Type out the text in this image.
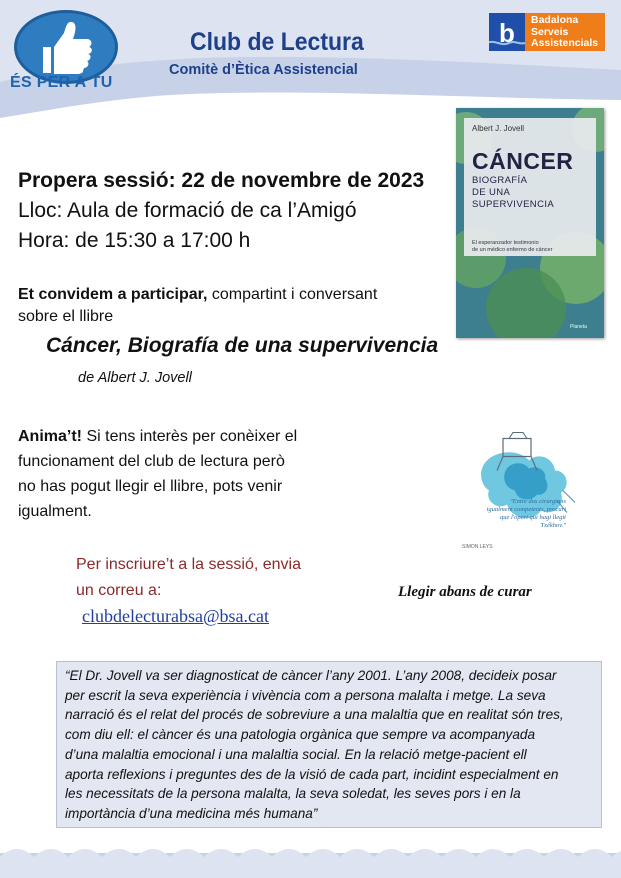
ÉS PER A TU
Club de Lectura
Comitè d’Ètica Assistencial
b Badalona
Serveis
Assistencials
Propera sessió: 22 de novembre de 2023
Lloc: Aula de formació de ca l’Amigó
Hora: de 15:30 a 17:00 h
Et convidem a participar, compartint i conversant
sobre el llibre
Cáncer, Biografía de una supervivencia
de Albert J. Jovell
Anima’t! Si tens interès per conèixer el
funcionament del club de lectura però
no has pogut llegir el llibre, pots venir
igualment.
Per inscriure’t a la sessió, envia
un correu a:
clubdelecturabsa@bsa.cat
Albert J. Jovell
CÁNCER
BIOGRAFÍA
DE UNA
SUPERVIVENCIA
El esperanzador testimonio
de un médico enfermo de cáncer
Planeta
"Entre dos cirurgians
igualment competents, procuri
que l'operi qui hagi llegit
Txékhov."
SIMON LEYS
Llegir abans de curar
“El Dr. Jovell va ser diagnosticat de càncer l’any 2001. L’any 2008, decideix posar
per escrit la seva experiència i vivència com a persona malalta i metge. La seva
narració és el relat del procés de sobreviure a una malaltia que en realitat són tres,
com diu ell: el càncer és una patologia orgànica que sempre va acompanyada
d’una malaltia emocional i una malaltia social. En la relació metge-pacient ell
aporta reflexions i preguntes des de la visió de cada part, incidint especialment en
les necessitats de la persona malalta, la seva soledat, les seves pors i en la
importància d’una medicina més humana”
